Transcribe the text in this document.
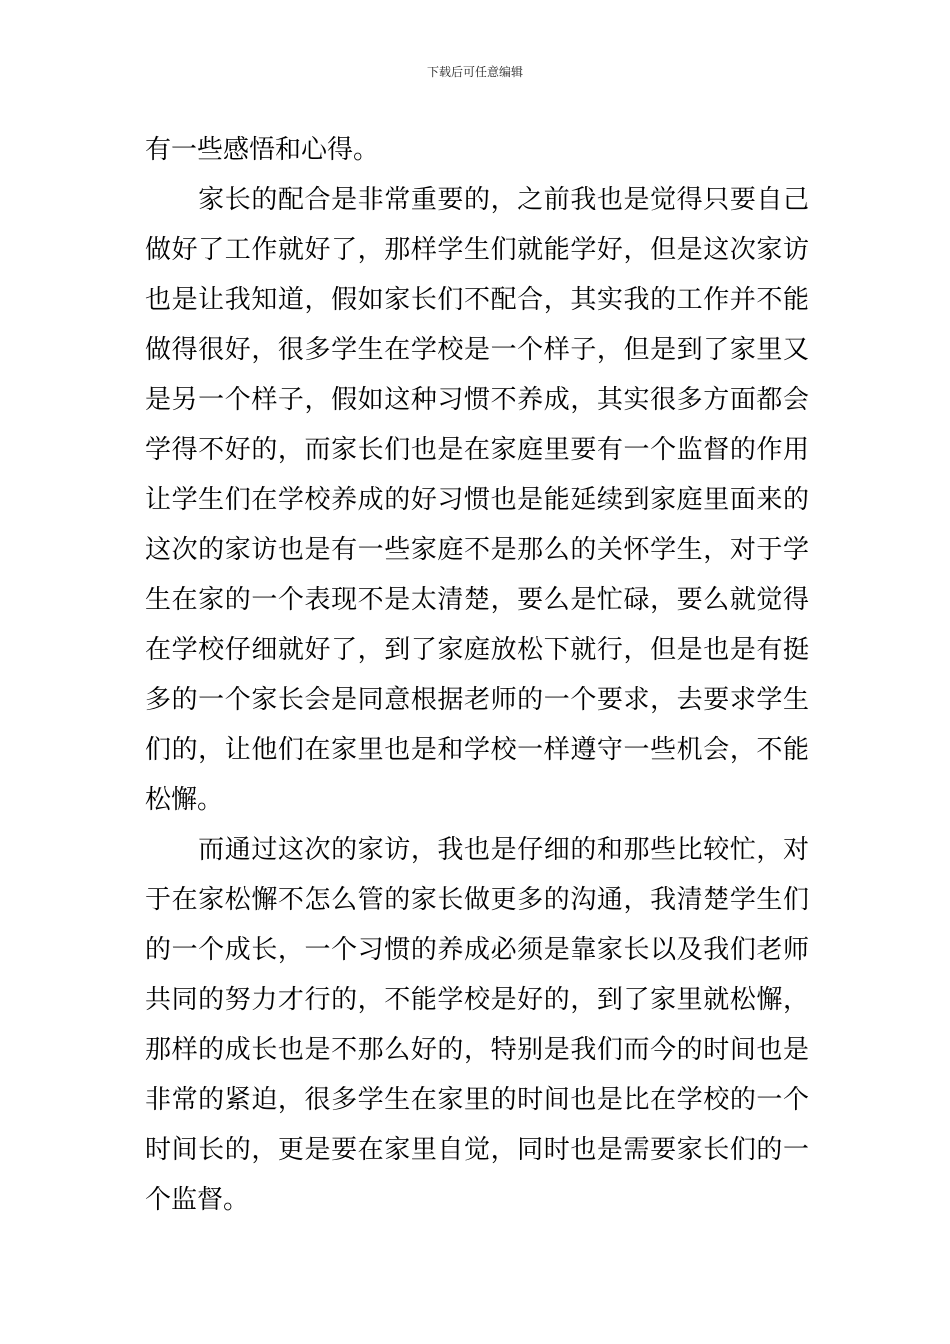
下载后可任意编辑
有一些感悟和心得。
　　家长的配合是非常重要的，之前我也是觉得只要自己
做好了工作就好了，那样学生们就能学好，但是这次家访
也是让我知道，假如家长们不配合，其实我的工作并不能
做得很好，很多学生在学校是一个样子，但是到了家里又
是另一个样子，假如这种习惯不养成，其实很多方面都会
学得不好的，而家长们也是在家庭里要有一个监督的作用
让学生们在学校养成的好习惯也是能延续到家庭里面来的
这次的家访也是有一些家庭不是那么的关怀学生，对于学
生在家的一个表现不是太清楚，要么是忙碌，要么就觉得
在学校仔细就好了，到了家庭放松下就行，但是也是有挺
多的一个家长会是同意根据老师的一个要求，去要求学生
们的，让他们在家里也是和学校一样遵守一些机会，不能
松懈。
　　而通过这次的家访，我也是仔细的和那些比较忙，对
于在家松懈不怎么管的家长做更多的沟通，我清楚学生们
的一个成长，一个习惯的养成必须是靠家长以及我们老师
共同的努力才行的，不能学校是好的，到了家里就松懈，
那样的成长也是不那么好的，特别是我们而今的时间也是
非常的紧迫，很多学生在家里的时间也是比在学校的一个
时间长的，更是要在家里自觉，同时也是需要家长们的一
个监督。
